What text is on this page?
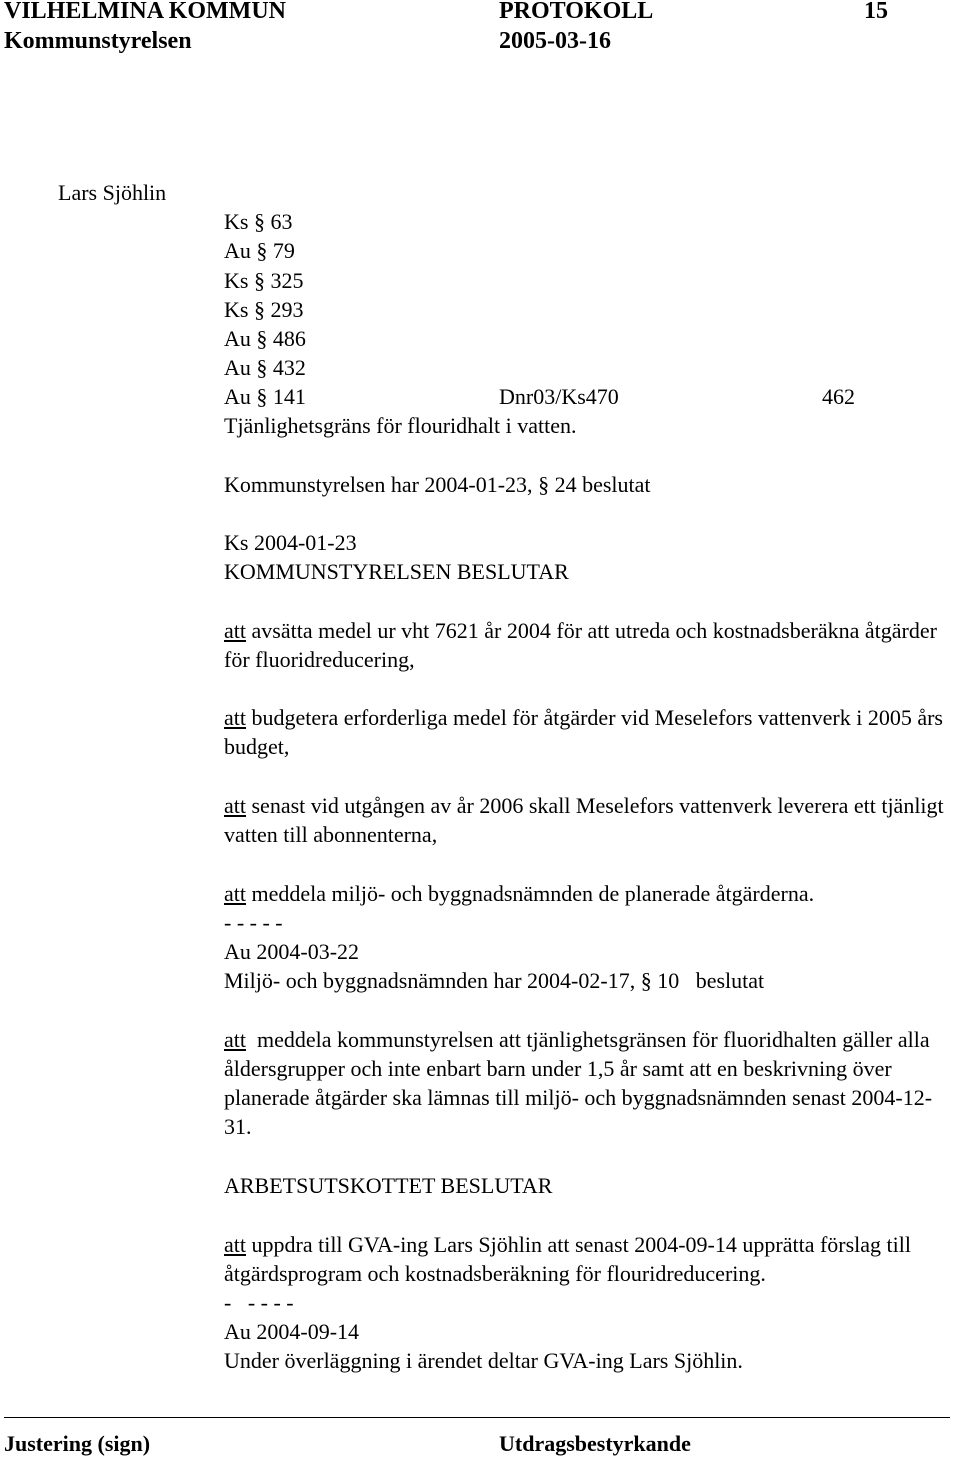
VILHELMINA KOMMUN	PROTOKOLL	15
Kommunstyrelsen	2005-03-16
Lars Sjöhlin
Ks § 63
Au § 79
Ks § 325
Ks § 293
Au § 486
Au § 432
Au § 141	Dnr03/Ks470	462
Tjänlighetsgräns för flouridhalt i vatten.
Kommunstyrelsen har 2004-01-23, § 24 beslutat
Ks 2004-01-23
KOMMUNSTYRELSEN BESLUTAR
att avsätta medel ur vht 7621 år 2004 för att utreda och kostnadsberäkna åtgärder för fluoridreducering,
att budgetera erforderliga medel för åtgärder vid Meselefors vattenverk i 2005 års budget,
att senast vid utgången av år 2006 skall Meselefors vattenverk leverera ett tjänligt vatten till abonnenterna,
att meddela miljö- och byggnadsnämnden de planerade åtgärderna.
- - - - -
Au 2004-03-22
Miljö- och byggnadsnämnden har 2004-02-17, § 10   beslutat
att  meddela kommunstyrelsen att tjänlighetsgränsen för fluoridhalten gäller alla åldersgrupper och inte enbart barn under 1,5 år samt att en beskrivning över planerade åtgärder ska lämnas till miljö- och byggnadsnämnden senast 2004-12-31.
ARBETSUTSKOTTET BESLUTAR
att uppdra till GVA-ing Lars Sjöhlin att senast 2004-09-14 upprätta förslag till åtgärdsprogram och kostnadsberäkning för flouridreducering.
-   - - - -
Au 2004-09-14
Under överläggning i ärendet deltar GVA-ing Lars Sjöhlin.
Justering (sign)	Utdragsbestyrkande
